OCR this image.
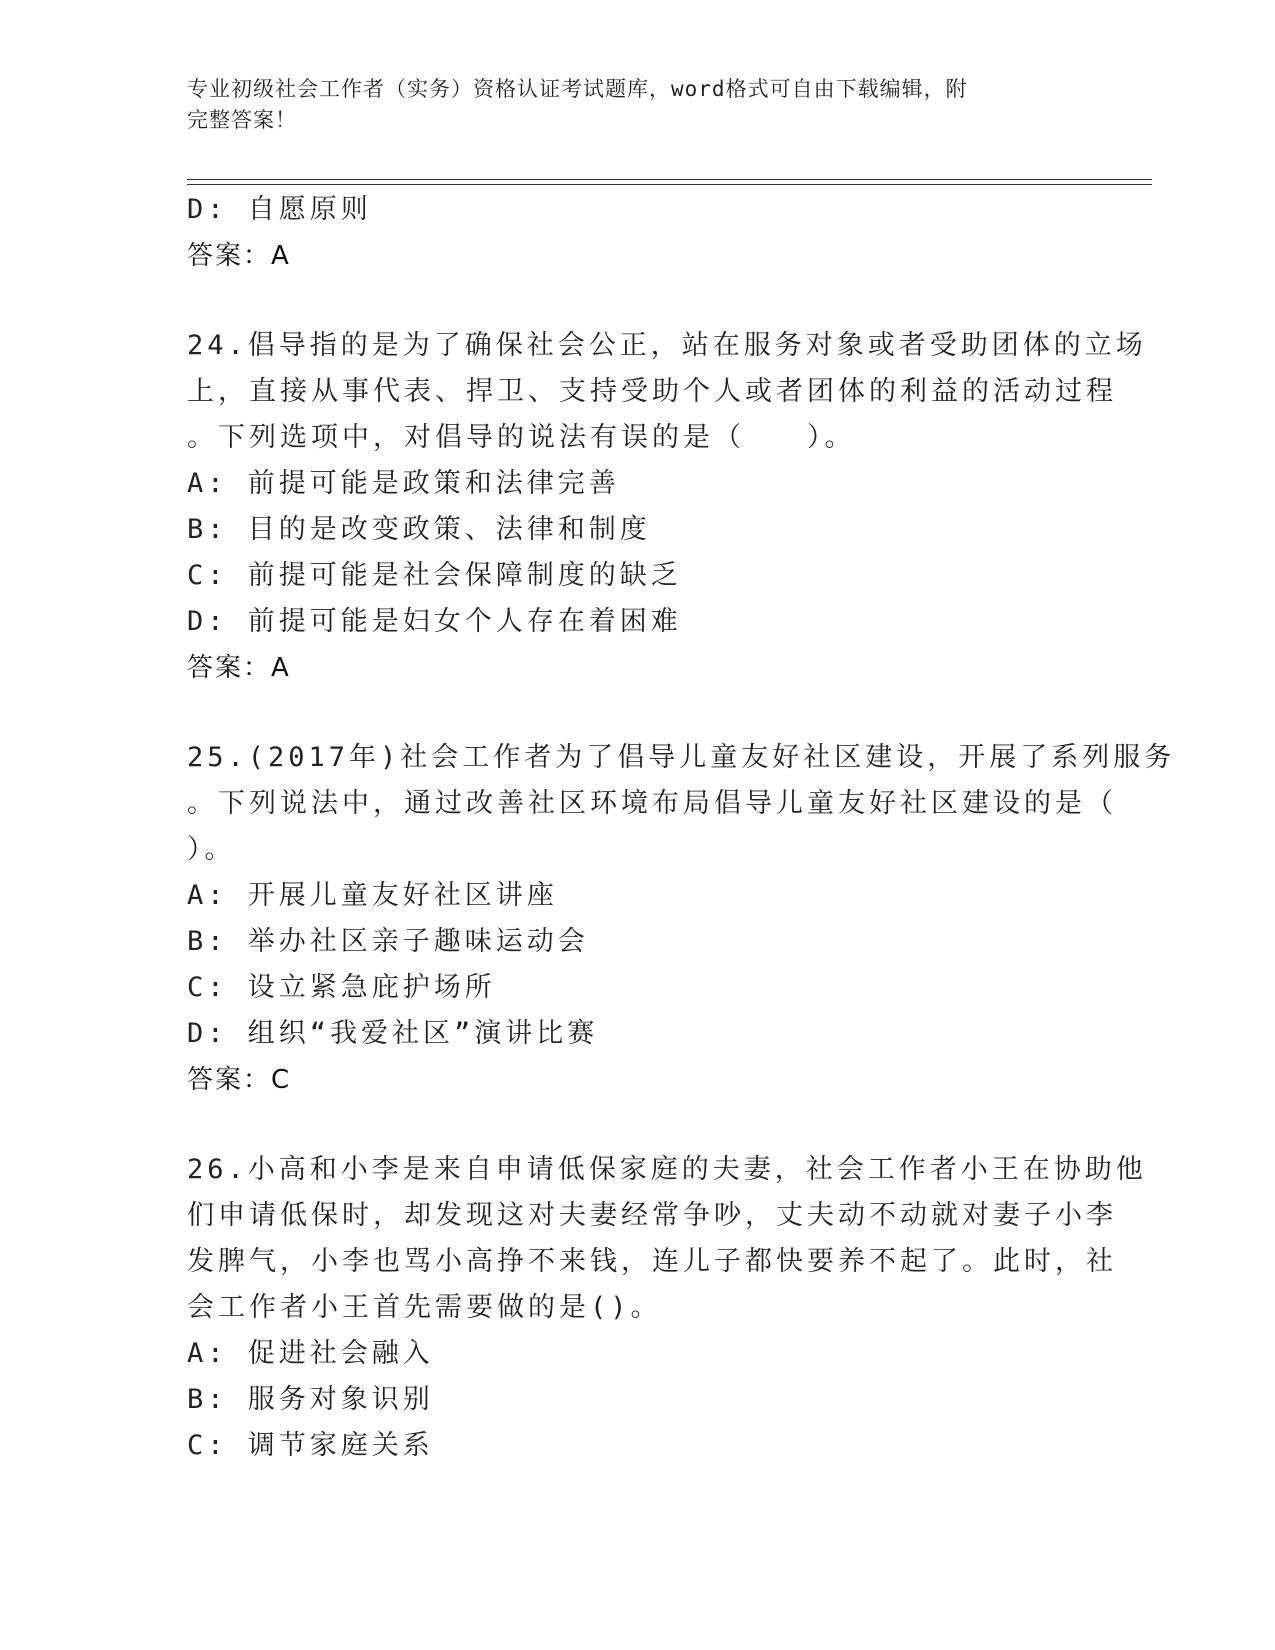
专业初级社会工作者（实务）资格认证考试题库，word格式可自由下载编辑，附
完整答案！
D: 自愿原则
答案：A
24.倡导指的是为了确保社会公正，站在服务对象或者受助团体的立场
上，直接从事代表、捍卫、支持受助个人或者团体的利益的活动过程
。下列选项中，对倡导的说法有误的是（　　）。
A: 前提可能是政策和法律完善
B: 目的是改变政策、法律和制度
C: 前提可能是社会保障制度的缺乏
D: 前提可能是妇女个人存在着困难
答案：A
25.(2017年)社会工作者为了倡导儿童友好社区建设，开展了系列服务
。下列说法中，通过改善社区环境布局倡导儿童友好社区建设的是（
）。
A: 开展儿童友好社区讲座
B: 举办社区亲子趣味运动会
C: 设立紧急庇护场所
D: 组织“我爱社区”演讲比赛
答案：C
26.小高和小李是来自申请低保家庭的夫妻，社会工作者小王在协助他
们申请低保时，却发现这对夫妻经常争吵，丈夫动不动就对妻子小李
发脾气，小李也骂小高挣不来钱，连儿子都快要养不起了。此时，社
会工作者小王首先需要做的是()。
A: 促进社会融入
B: 服务对象识别
C: 调节家庭关系
